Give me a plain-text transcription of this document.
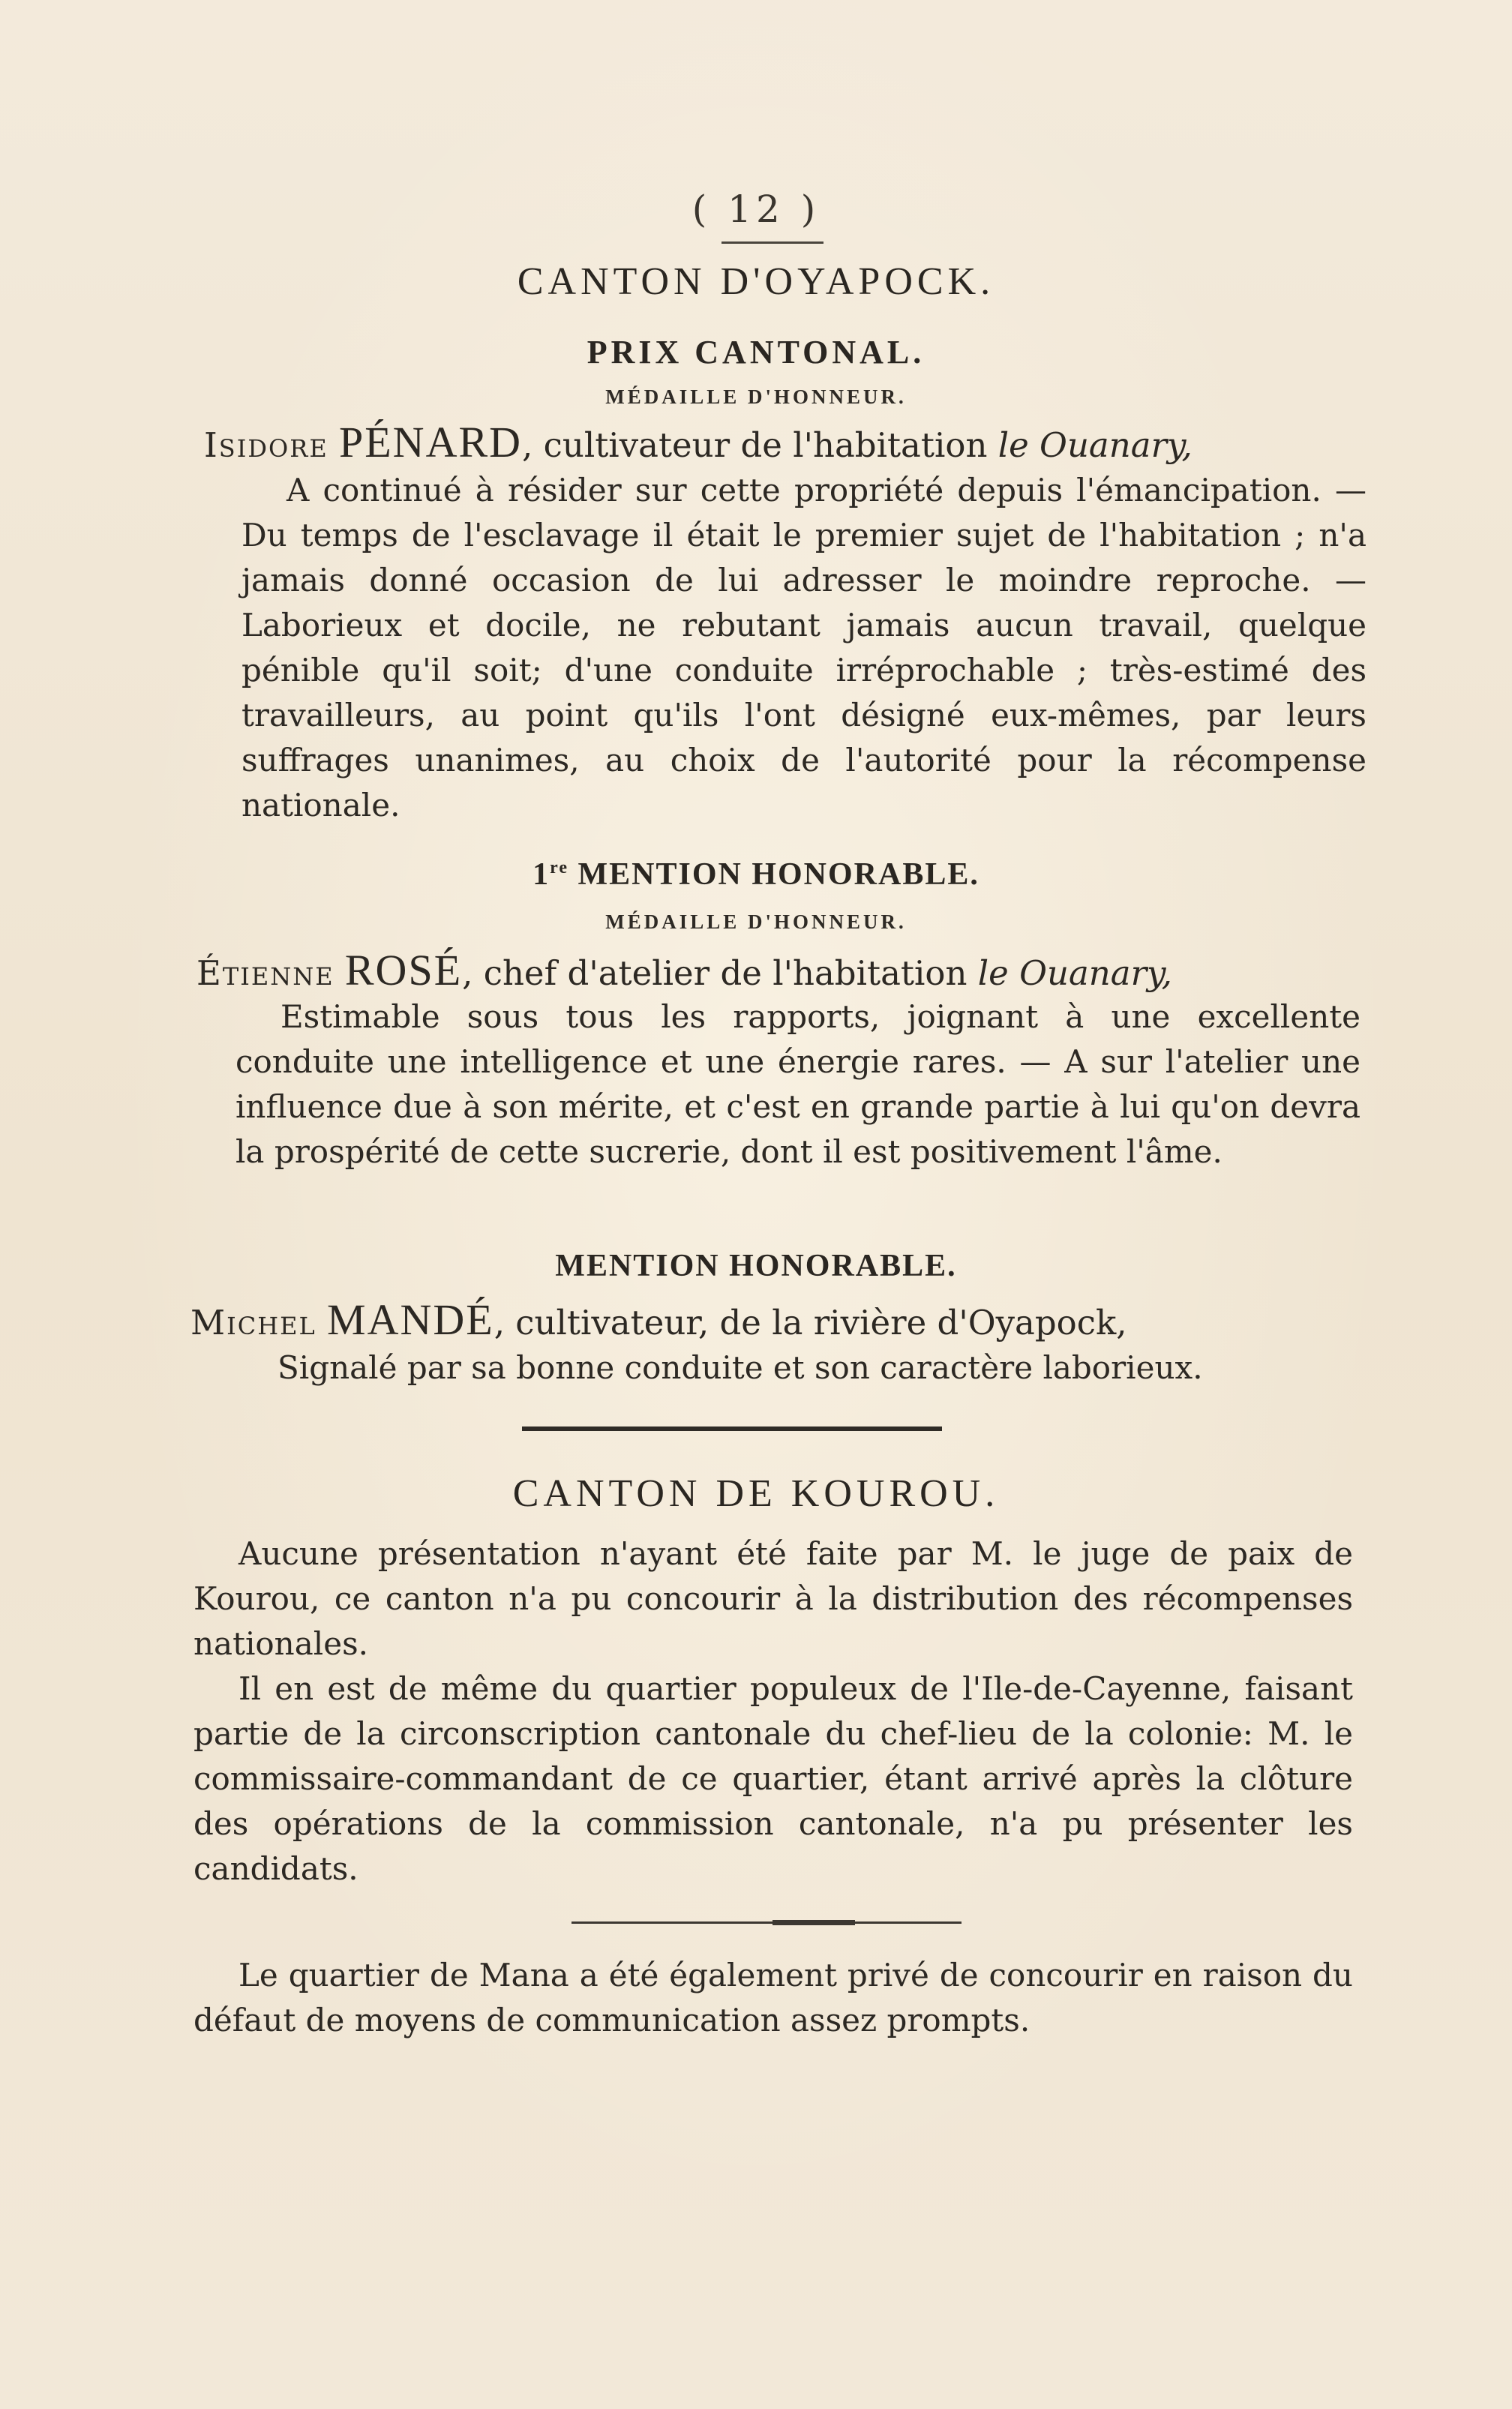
( 12 )
CANTON D'OYAPOCK.
PRIX CANTONAL.
MÉDAILLE D'HONNEUR.
Isidore PÉNARD, cultivateur de l'habitation le Ouanary,
A continué à résider sur cette propriété depuis l'émancipation. — Du temps de l'esclavage il était le premier sujet de l'habitation ; n'a jamais donné occasion de lui adresser le moindre reproche. — Laborieux et docile, ne rebutant jamais aucun travail, quelque pénible qu'il soit; d'une conduite irréprochable ; très-estimé des travailleurs, au point qu'ils l'ont désigné eux-mêmes, par leurs suffrages unanimes, au choix de l'autorité pour la récompense nationale.
1re MENTION HONORABLE.
MÉDAILLE D'HONNEUR.
Étienne ROSÉ, chef d'atelier de l'habitation le Ouanary,
Estimable sous tous les rapports, joignant à une excellente conduite une intelligence et une énergie rares. — A sur l'atelier une influence due à son mérite, et c'est en grande partie à lui qu'on devra la prospérité de cette sucrerie, dont il est positivement l'âme.
MENTION HONORABLE.
Michel MANDÉ, cultivateur, de la rivière d'Oyapock,
Signalé par sa bonne conduite et son caractère laborieux.
CANTON DE KOUROU.
Aucune présentation n'ayant été faite par M. le juge de paix de Kourou, ce canton n'a pu concourir à la distribution des récompenses nationales.
Il en est de même du quartier populeux de l'Ile-de-Cayenne, faisant partie de la circonscription cantonale du chef-lieu de la colonie: M. le commissaire-commandant de ce quartier, étant arrivé après la clôture des opérations de la commission cantonale, n'a pu présenter les candidats.
Le quartier de Mana a été également privé de concourir en raison du défaut de moyens de communication assez prompts.
